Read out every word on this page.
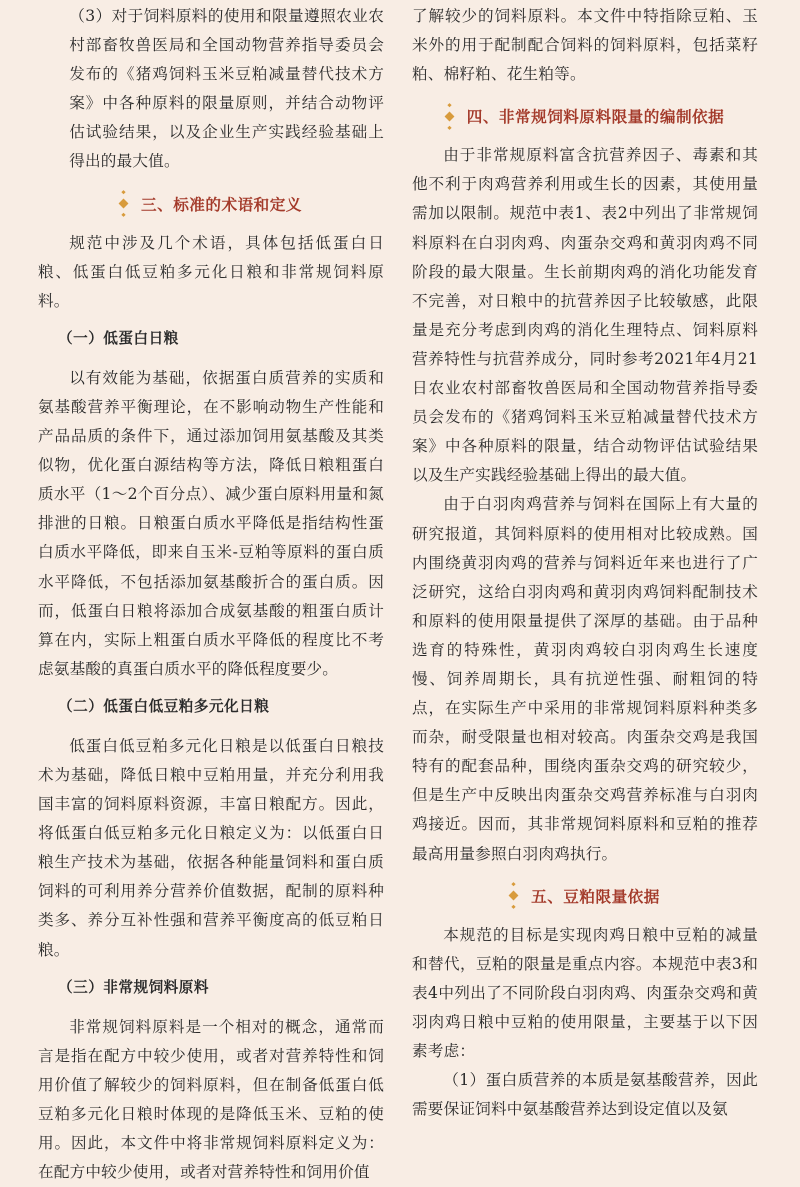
（3）对于饲料原料的使用和限量遵照农业农村部畜牧兽医局和全国动物营养指导委员会发布的《猪鸡饲料玉米豆粕减量替代技术方案》中各种原料的限量原则，并结合动物评估试验结果，以及企业生产实践经验基础上得出的最大值。

三、标准的术语和定义

规范中涉及几个术语，具体包括低蛋白日粮、低蛋白低豆粕多元化日粮和非常规饲料原料。

（一）低蛋白日粮

以有效能为基础，依据蛋白质营养的实质和氨基酸营养平衡理论，在不影响动物生产性能和产品品质的条件下，通过添加饲用氨基酸及其类似物，优化蛋白源结构等方法，降低日粮粗蛋白质水平（1～2个百分点）、减少蛋白原料用量和氮排泄的日粮。日粮蛋白质水平降低是指结构性蛋白质水平降低，即来自玉米-豆粕等原料的蛋白质水平降低，不包括添加氨基酸折合的蛋白质。因而，低蛋白日粮将添加合成氨基酸的粗蛋白质计算在内，实际上粗蛋白质水平降低的程度比不考虑氨基酸的真蛋白质水平的降低程度要少。

（二）低蛋白低豆粕多元化日粮

低蛋白低豆粕多元化日粮是以低蛋白日粮技术为基础，降低日粮中豆粕用量，并充分利用我国丰富的饲料原料资源，丰富日粮配方。因此，将低蛋白低豆粕多元化日粮定义为：以低蛋白日粮生产技术为基础，依据各种能量饲料和蛋白质饲料的可利用养分营养价值数据，配制的原料种类多、养分互补性强和营养平衡度高的低豆粕日粮。

（三）非常规饲料原料

非常规饲料原料是一个相对的概念，通常而言是指在配方中较少使用，或者对营养特性和饲用价值了解较少的饲料原料，但在制备低蛋白低豆粕多元化日粮时体现的是降低玉米、豆粕的使用。因此，本文件中将非常规饲料原料定义为：在配方中较少使用，或者对营养特性和饲用价值

了解较少的饲料原料。本文件中特指除豆粕、玉米外的用于配制配合饲料的饲料原料，包括菜籽粕、棉籽粕、花生粕等。

四、非常规饲料原料限量的编制依据

由于非常规原料富含抗营养因子、毒素和其他不利于肉鸡营养利用或生长的因素，其使用量需加以限制。规范中表1、表2中列出了非常规饲料原料在白羽肉鸡、肉蛋杂交鸡和黄羽肉鸡不同阶段的最大限量。生长前期肉鸡的消化功能发育不完善，对日粮中的抗营养因子比较敏感，此限量是充分考虑到肉鸡的消化生理特点、饲料原料营养特性与抗营养成分，同时参考2021年4月21日农业农村部畜牧兽医局和全国动物营养指导委员会发布的《猪鸡饲料玉米豆粕减量替代技术方案》中各种原料的限量，结合动物评估试验结果以及生产实践经验基础上得出的最大值。

由于白羽肉鸡营养与饲料在国际上有大量的研究报道，其饲料原料的使用相对比较成熟。国内围绕黄羽肉鸡的营养与饲料近年来也进行了广泛研究，这给白羽肉鸡和黄羽肉鸡饲料配制技术和原料的使用限量提供了深厚的基础。由于品种选育的特殊性，黄羽肉鸡较白羽肉鸡生长速度慢、饲养周期长，具有抗逆性强、耐粗饲的特点，在实际生产中采用的非常规饲料原料种类多而杂，耐受限量也相对较高。肉蛋杂交鸡是我国特有的配套品种，围绕肉蛋杂交鸡的研究较少，但是生产中反映出肉蛋杂交鸡营养标准与白羽肉鸡接近。因而，其非常规饲料原料和豆粕的推荐最高用量参照白羽肉鸡执行。

五、豆粕限量依据

本规范的目标是实现肉鸡日粮中豆粕的减量和替代，豆粕的限量是重点内容。本规范中表3和表4中列出了不同阶段白羽肉鸡、肉蛋杂交鸡和黄羽肉鸡日粮中豆粕的使用限量，主要基于以下因素考虑：

（1）蛋白质营养的本质是氨基酸营养，因此需要保证饲料中氨基酸营养达到设定值以及氨
